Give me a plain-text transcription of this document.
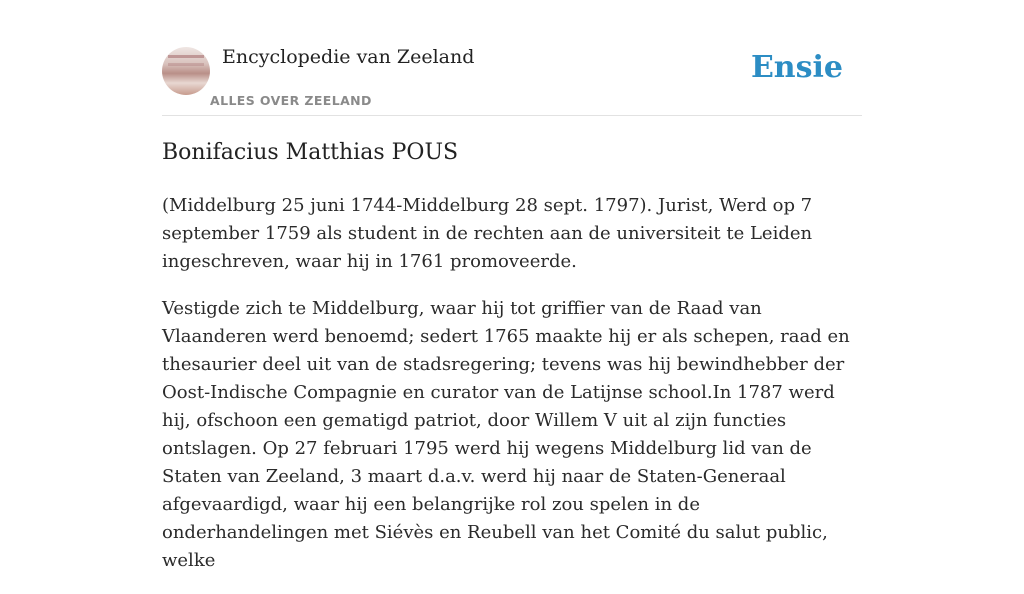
Encyclopedie van Zeeland
ALLES OVER ZEELAND
Ensie
Bonifacius Matthias POUS

(Middelburg 25 juni 1744-Middelburg 28 sept. 1797). Jurist, Werd op 7 september 1759 als student in de rechten aan de universiteit te Leiden ingeschreven, waar hij in 1761 promoveerde.

Vestigde zich te Middelburg, waar hij tot griffier van de Raad van Vlaanderen werd benoemd; sedert 1765 maakte hij er als schepen, raad en thesaurier deel uit van de stadsregering; tevens was hij bewindhebber der Oost-Indische Compagnie en curator van de Latijnse school.In 1787 werd hij, ofschoon een gematigd patriot, door Willem V uit al zijn functies ontslagen. Op 27 februari 1795 werd hij wegens Middelburg lid van de Staten van Zeeland, 3 maart d.a.v. werd hij naar de Staten-Generaal afgevaardigd, waar hij een belangrijke rol zou spelen in de onderhandelingen met Siévès en Reubell van het Comité du salut public, welke
